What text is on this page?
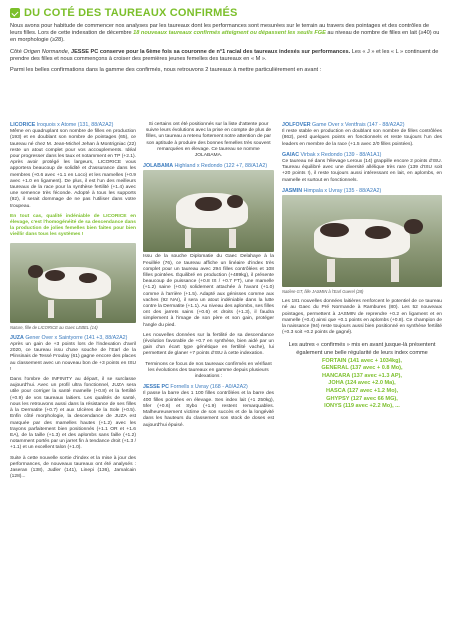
DU COTÉ DES TAUREAUX CONFIRMÉS

Nous avons pour habitude de commencer nos analyses par les taureaux dont les performances sont mesurées sur le terrain au travers des pointages et des contrôles de leurs filles. Lors de cette indexation de décembre 18 nouveaux taureaux confirmés atteignent ou dépassent les seuils FGE au niveau de nombre de filles en lait (≥40) ou en morphologie (≥28).

Côté Origen Normande, JESSE PC conserve pour la 6ème fois sa couronne de n°1 racial des taureaux indexés sur performances. Les « J » et les « L » continuent de prendre des filles et nous commençons à croiser des premières jeunes femelles des taureaux en « M ».

Parmi les belles confirmations dans la gamme des confirmés, nous retrouvons 2 taureaux à mettre particulièrement en avant :

LICORICE Iroquois x Atome (131, 88/A2A2)

Même en quadruplant son nombre de filles en production (193) et en doublant son nombre de pointages (65), ce taureau né chez M. Jean-Michel Jehan à Montrigniac (22) reste un atout complet pour vos accouplements. Idéal pour progresser dans les taux et notamment en TP (+2.1). Après avoir protégé les largeurs, LICORICE vous apportera beaucoup de solidité et d'assurance dans les membres (+0.6 avec +1.1 en Loco) et les mamelles (+0.9 avec +1.0 en ligament). De plus, il est l'un des meilleurs taureaux de la race pour la synthèse fertilité (+1.4) avec une semence très féconde. Adopté à tous les supports (92), il serait dommage de ne pas l'utiliser dans votre troupeau.

En tout cas, qualité indéniable de LICORICE en élevage, c'est l'homogénéité de sa descendance dans la production de jolies femelles bien faites pour bien vieillir dans tous les systèmes !

Nature, fille de LICORICE au Gaec LEBEL (14)
JUZA Gener Over x Saintyorre (141 +3, 88/A2A2)

Après un gain de +3 points lors de l'indexation d'avril 2020, ce taureau issu d'une souche de l'Earl de la Plinsinais de Tessé Froulay (61) gagne encore des places au classement avec un nouveau bon de +3 points en ISU !

Dans l'ombre de INFINITY au départ, il se surclasse aujourd'hui. Avec un profil ultra fonctionnel, JUZA sera utile pour corriger la santé mamelle (+0.8) et la fertilité (+0.9) de vos taureaux laitiers. Les qualités de santé, nous les retrouvons aussi dans la résistance de ses filles à la Dermatite (+0.7) et aux Ulcères de la Sole (+0.5). Enfin côté morphologie, la descendance de JUZA est marquée par des mamelles hautes (+1.2) avec les trayons parfaitement bien positionnés (+1.1 OR et +1.6 EA), de la taille (+1.3) et des aplombs sans faille (+1.2) notamment portés par un jarret fin à tendance droit (+1.3 / +1.1) et un excellent talon (+1.0).

Suite à cette nouvelle sortie d'index et la mise à jour des performances, de nouveaux taureaux ont été analysés : Jaseran (138), Judler (141), Linepi (136), Jamalcain (128)...

Si certains ont été positionnés sur la liste d'attente pour suivre leurs évolutions avec la prise en compte de plus de filles, un taureau a retenu fortement notre attention de par son aptitude à produire des bonnes femelles très souvent remarquées en élevage. Ce taureau se nomme JOLABAMA.

JOLABAMA Highland x Redondo (122 +7, 88/A1A2)

Issu de la souche Diplomatie du Gaec Delahaye à la Feuillée (76), ce taureau affiche un linéaire d'index très complet pour un taureau avec 294 filles contrôlées et 108 filles pointées. Équilibré en production (+489kg), il présente beaucoup de puissance (+0.8 IS / +0.7 FT), une mamelle (+1.2) saine (+0.5) solidement attachée à l'avant (+1.0) comme à l'arrière (+1.5). Adapté aux génisses comme aux vaches (92 NAI), il sera un atout indéniable dans la lutte contre la Dermatite (+1.1). Au niveau des aplombs, ses filles ont des jarrets sains (+0.6) et droits (+1.3), il faudra simplement à l'image de son père et son gain, protéger l'angle du pied.

Les nouvelles données sur la fertilité de sa descendance (évolution favorable de +0.7 en synthèse, bien aidé par un gain d'un écart type génétique en fertilité vache), lui permettent de glaner +7 points d'ISU à cette indexation.

Terminons ce focus de nos taureaux confirmés en vérifiant les évolutions des taureaux en gamme depuis plusieurs indexations :

JESSE PC Fornells x Uvray (168 - A0/A2A2)

Il passe la barre des 1 100 filles contrôlées et la barre des 400 filles pointées en élevage. Ses index lait (+1 250kg), 5fer (+0.6) et Sybo (+1.9) restent remarquables. Malheureusement victime de son succès et de la longévité dans les hauteurs du classement son stock de doses est aujourd'hui épuisé.

JOLFOVER Game Over x Ventfrais (147 - 88/A2A2)

Il reste stable en production en doublant son nombre de filles contrôlées (862), perd quelques points en fonctionnels et reste toujours l'un des leaders en membre de la race (+1.5 avec 2/0 filles pointées).

GAIAC Virbak x Redondo (139 - 88/A1A1)

Ce taureau né dans l'élevage Leroux (14) grappille encore 2 points d'ISU. Taureau équilibré avec une diversité allélique très rare (139 d'ISU soit +20 points !), il reste toujours aussi intéressant en lait, en aplombs, en mamelle et surtout en fonctionnels.

JASMIN Himpala x Uvray (135 - 88/A2A2)
Natière GT, fille JASMIN à l'Earl Guerel (28)

Les 181 nouvelles données laitières renforcent le potentiel de ce taureau né au Gaec du Pré Normande à Rambures (80). Les 52 nouveaux pointages, permettent à JASMIN de reprendre +0.2 en ligament et en mamelle (+0.4) ainsi que +0.1 points en aplombs (+0.8). Ce champion de la naissance (94) reste toujours aussi bien positionné en synthèse fertilité (+0.3 soit +0.2 points de gagné).

Les autres « confirmés » mis en avant jusque-là présentent également une belle régularité de leurs index comme
FORTAIN (141 avec + 1034kg),
GENERAL (137 avec + 0.8 Mo),
HANCARA (137 avec +1.3 AP),
JOHA (124 avec +2.0 Ma),
HASCA (127 avec +1.2 Mo),
GHYPSY (127 avec 66 MG),
IONYS (119 avec +2.2 Mo), ...
